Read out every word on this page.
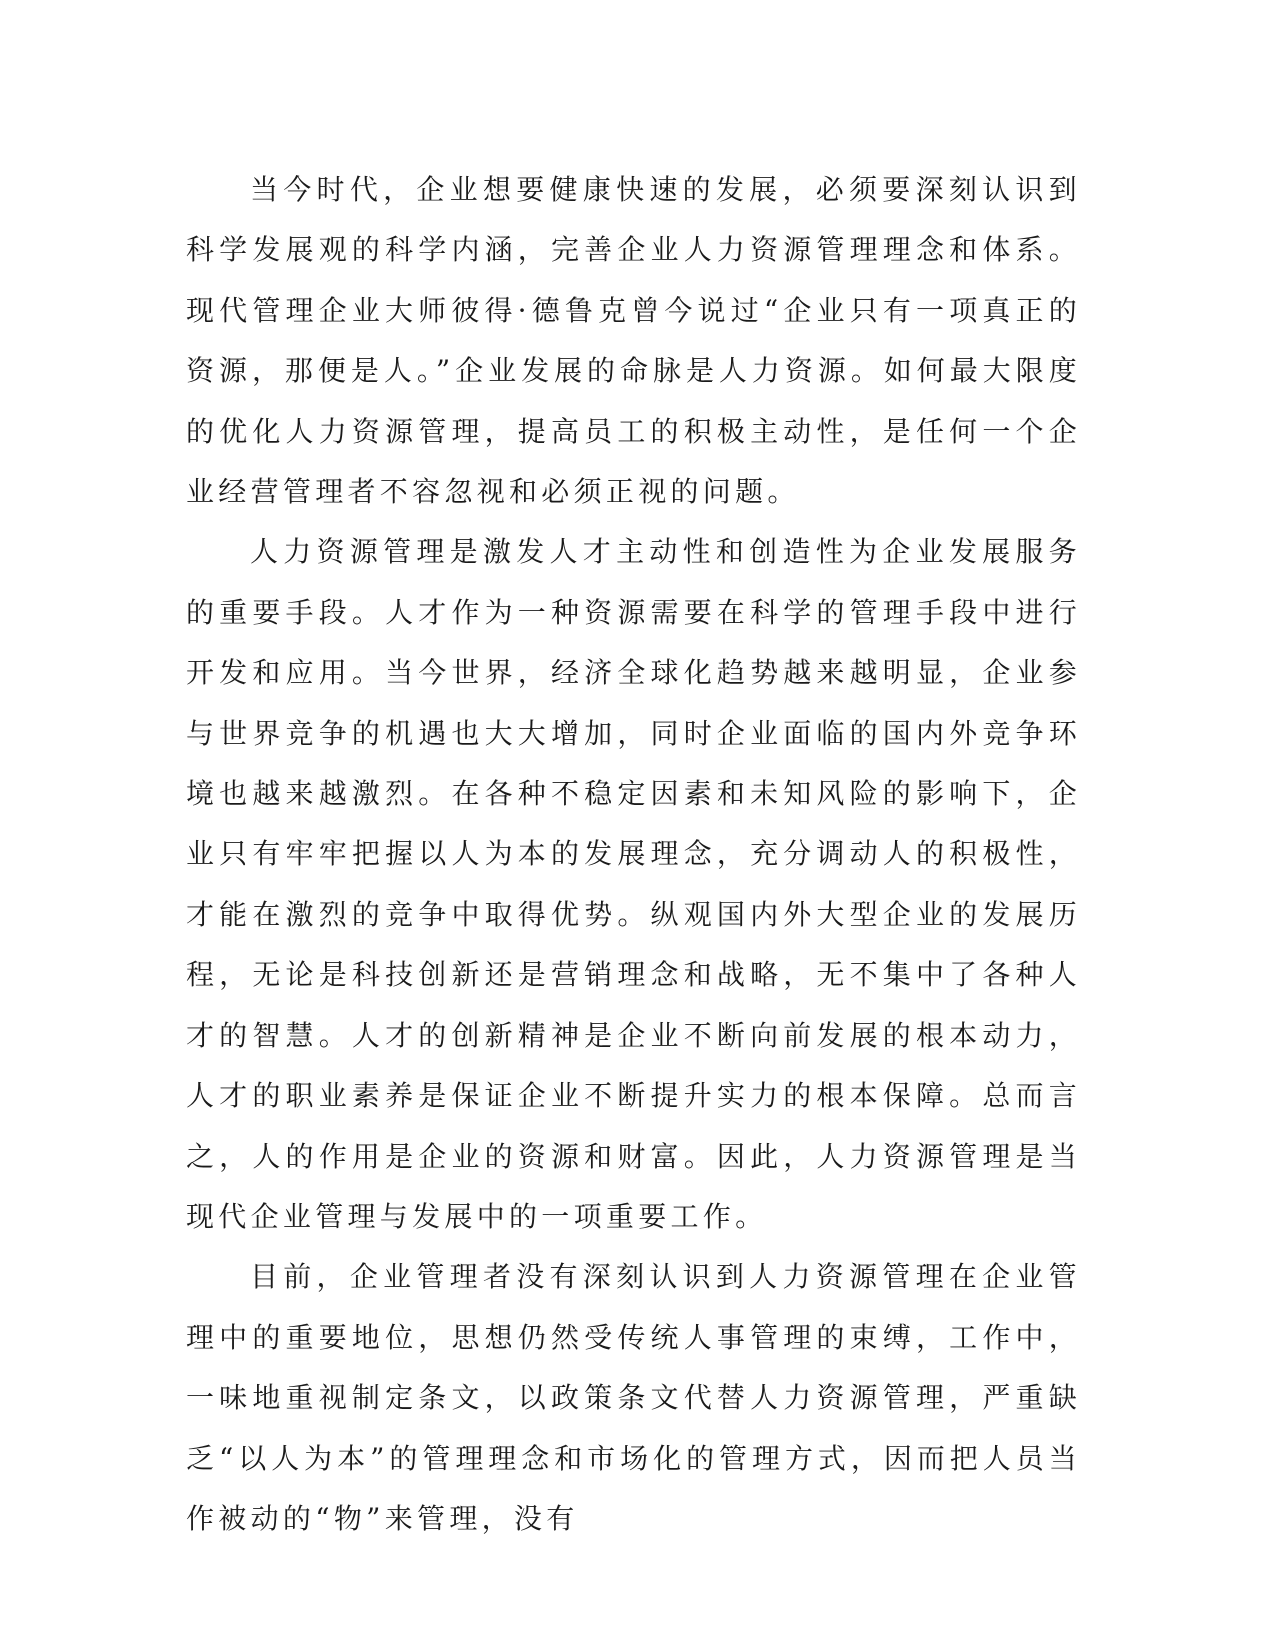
当今时代，企业想要健康快速的发展，必须要深刻认识到科学发展观的科学内涵，完善企业人力资源管理理念和体系。现代管理企业大师彼得·德鲁克曾今说过“企业只有一项真正的资源，那便是人。”企业发展的命脉是人力资源。如何最大限度的优化人力资源管理，提高员工的积极主动性，是任何一个企业经营管理者不容忽视和必须正视的问题。

人力资源管理是激发人才主动性和创造性为企业发展服务的重要手段。人才作为一种资源需要在科学的管理手段中进行开发和应用。当今世界，经济全球化趋势越来越明显，企业参与世界竞争的机遇也大大增加，同时企业面临的国内外竞争环境也越来越激烈。在各种不稳定因素和未知风险的影响下，企业只有牢牢把握以人为本的发展理念，充分调动人的积极性，才能在激烈的竞争中取得优势。纵观国内外大型企业的发展历程，无论是科技创新还是营销理念和战略，无不集中了各种人才的智慧。人才的创新精神是企业不断向前发展的根本动力，人才的职业素养是保证企业不断提升实力的根本保障。总而言之，人的作用是企业的资源和财富。因此，人力资源管理是当现代企业管理与发展中的一项重要工作。

目前，企业管理者没有深刻认识到人力资源管理在企业管理中的重要地位，思想仍然受传统人事管理的束缚，工作中，一味地重视制定条文，以政策条文代替人力资源管理，严重缺乏“以人为本”的管理理念和市场化的管理方式，因而把人员当作被动的“物”来管理，没有
